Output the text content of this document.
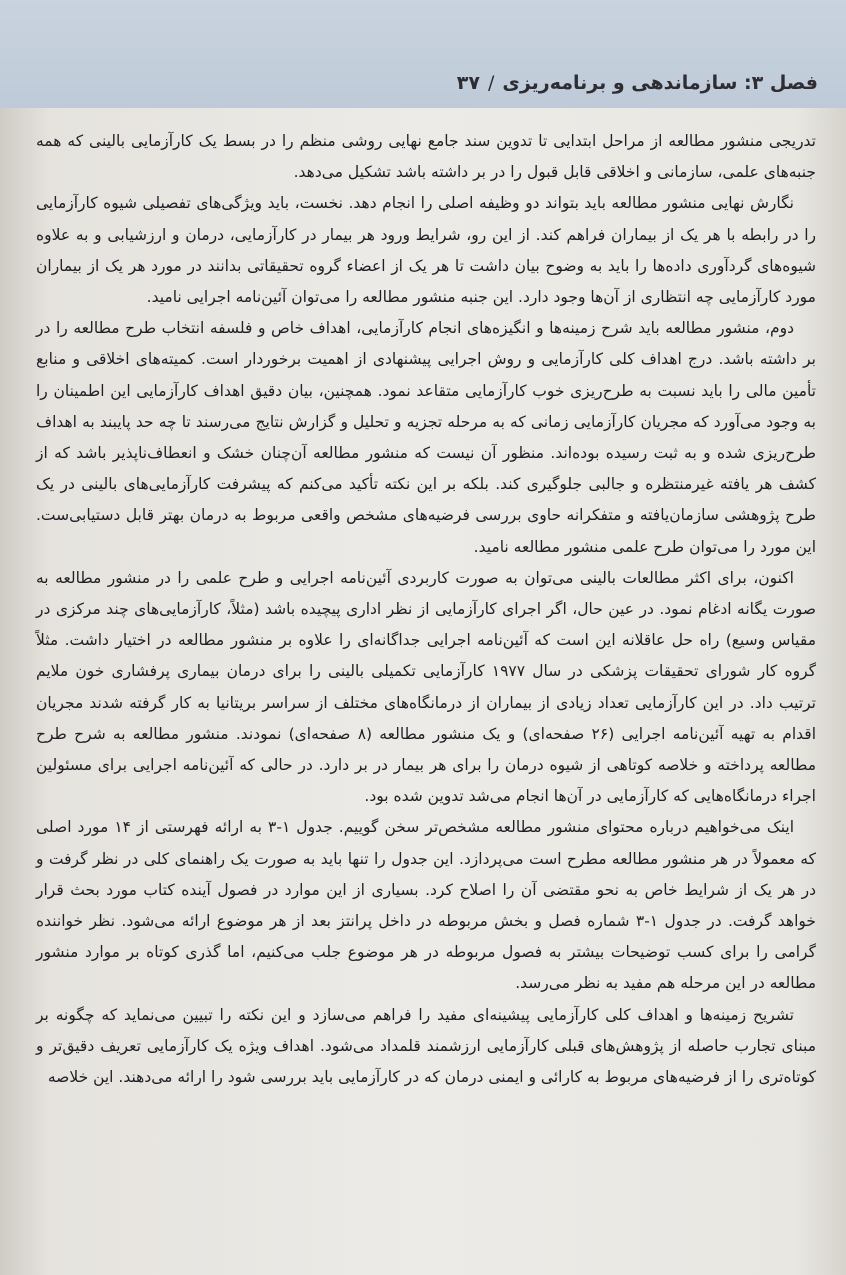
فصل ۳: سازماندهی و برنامه‌ریزی/۳۷

تدریجی منشور مطالعه از مراحل ابتدایی تا تدوین سند جامع نهایی روشی منظم را در بسط یک کارآزمایی بالینی که همه جنبه‌های علمی، سازمانی و اخلاقی قابل قبول را در بر داشته باشد تشکیل می‌دهد.

نگارش نهایی منشور مطالعه باید بتواند دو وظیفه اصلی را انجام دهد. نخست، باید ویژگی‌های تفصیلی شیوه کارآزمایی را در رابطه با هر یک از بیماران فراهم کند. از این رو، شرایط ورود هر بیمار در کارآزمایی، درمان و ارزشیابی و به علاوه شیوه‌های گردآوری داده‌ها را باید به وضوح بیان داشت تا هر یک از اعضاء گروه تحقیقاتی بدانند در مورد هر یک از بیماران مورد کارآزمایی چه انتظاری از آن‌ها وجود دارد. این جنبه منشور مطالعه را می‌توان آئین‌نامه اجرایی نامید.

دوم، منشور مطالعه باید شرح زمینه‌ها و انگیزه‌های انجام کارآزمایی، اهداف خاص و فلسفه انتخاب طرح مطالعه را در بر داشته باشد. درج اهداف کلی کارآزمایی و روش اجرایی پیشنهادی از اهمیت برخوردار است. کمیته‌های اخلاقی و منابع تأمین مالی را باید نسبت به طرح‌ریزی خوب کارآزمایی متقاعد نمود. همچنین، بیان دقیق اهداف کارآزمایی این اطمینان را به وجود می‌آورد که مجریان کارآزمایی زمانی که به مرحله تجزیه و تحلیل و گزارش نتایج می‌رسند تا چه حد پایبند به اهداف طرح‌ریزی شده و به ثبت رسیده بوده‌اند. منظور آن نیست که منشور مطالعه آن‌چنان خشک و انعطاف‌ناپذیر باشد که از کشف هر یافته غیرمنتظره و جالبی جلوگیری کند. بلکه بر این نکته تأکید می‌کنم که پیشرفت کارآزمایی‌های بالینی در یک طرح پژوهشی سازمان‌یافته و متفکرانه حاوی بررسی فرضیه‌های مشخص واقعی مربوط به درمان بهتر قابل دستیابی‌ست. این مورد را می‌توان طرح علمی منشور مطالعه نامید.

اکنون، برای اکثر مطالعات بالینی می‌توان به صورت کاربردی آئین‌نامه اجرایی و طرح علمی را در منشور مطالعه به صورت یگانه ادغام نمود. در عین حال، اگر اجرای کارآزمایی از نظر اداری پیچیده باشد (مثلاً، کارآزمایی‌های چند مرکزی در مقیاس وسیع) راه حل عاقلانه این است که آئین‌نامه اجرایی جداگانه‌ای را علاوه بر منشور مطالعه در اختیار داشت. مثلاً گروه کار شورای تحقیقات پزشکی در سال ۱۹۷۷ کارآزمایی تکمیلی بالینی را برای درمان بیماری پرفشاری خون ملایم ترتیب داد. در این کارآزمایی تعداد زیادی از بیماران از درمانگاه‌های مختلف از سراسر بریتانیا به کار گرفته شدند مجریان اقدام به تهیه آئین‌نامه اجرایی (۲۶ صفحه‌ای) و یک منشور مطالعه (۸ صفحه‌ای) نمودند. منشور مطالعه به شرح طرح مطالعه پرداخته و خلاصه کوتاهی از شیوه درمان را برای هر بیمار در بر دارد. در حالی که آئین‌نامه اجرایی برای مسئولین اجراء درمانگاه‌هایی که کارآزمایی در آن‌ها انجام می‌شد تدوین شده بود.

اینک می‌خواهیم درباره محتوای منشور مطالعه مشخص‌تر سخن گوییم. جدول ۱-۳ به ارائه فهرستی از ۱۴ مورد اصلی که معمولاً در هر منشور مطالعه مطرح است می‌پردازد. این جدول را تنها باید به صورت یک راهنمای کلی در نظر گرفت و در هر یک از شرایط خاص به نحو مقتضی آن را اصلاح کرد. بسیاری از این موارد در فصول آینده کتاب مورد بحث قرار خواهد گرفت. در جدول ۱-۳ شماره فصل و بخش مربوطه در داخل پرانتز بعد از هر موضوع ارائه می‌شود. نظر خواننده گرامی را برای کسب توضیحات بیشتر به فصول مربوطه در هر موضوع جلب می‌کنیم، اما گذری کوتاه بر موارد منشور مطالعه در این مرحله هم مفید به نظر می‌رسد.

تشریح زمینه‌ها و اهداف کلی کارآزمایی پیشینه‌ای مفید را فراهم می‌سازد و این نکته را تبیین می‌نماید که چگونه بر مبنای تجارب حاصله از پژوهش‌های قبلی کارآزمایی ارزشمند قلمداد می‌شود. اهداف ویژه یک کارآزمایی تعریف دقیق‌تر و کوتاه‌تری را از فرضیه‌های مربوط به کارائی و ایمنی درمان که در کارآزمایی باید بررسی شود را ارائه می‌دهند. این خلاصه
